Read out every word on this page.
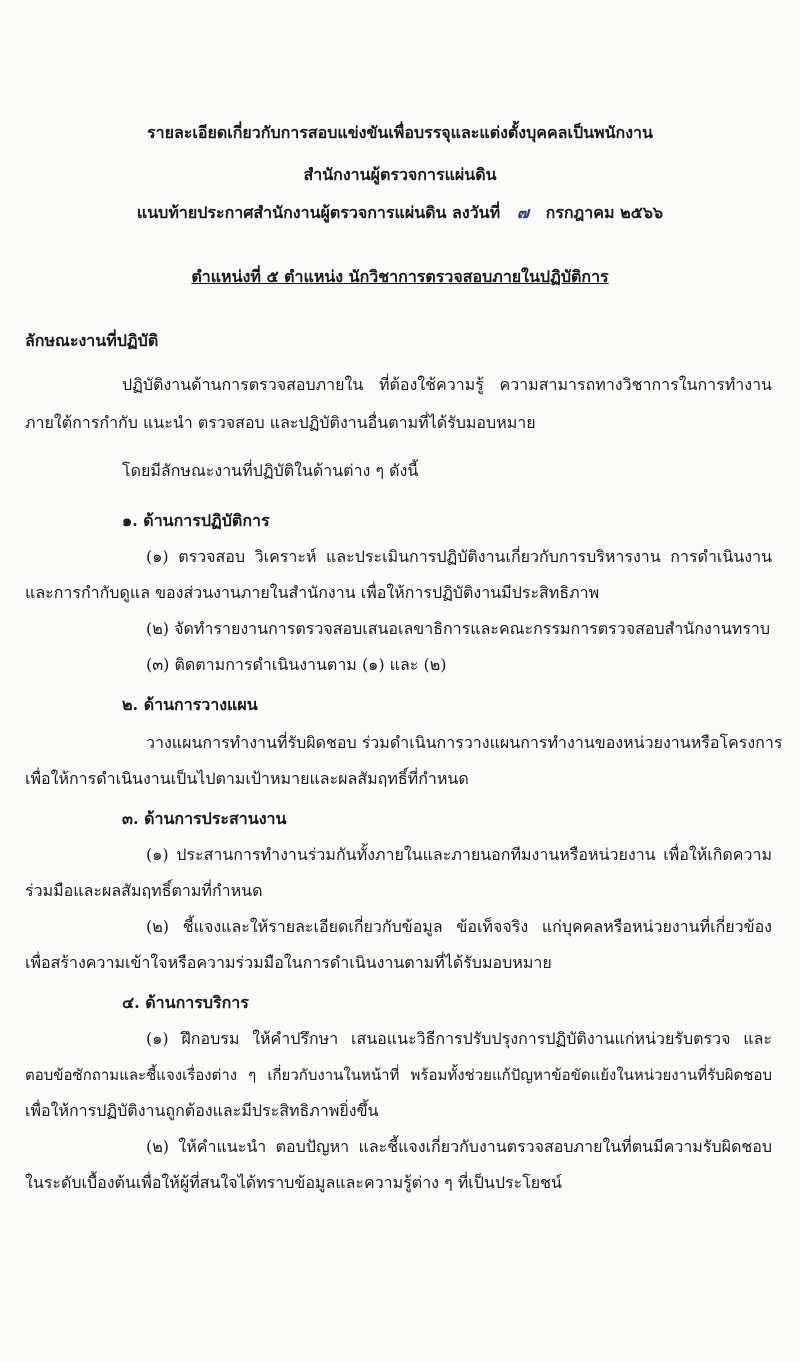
รายละเอียดเกี่ยวกับการสอบแข่งขันเพื่อบรรจุและแต่งตั้งบุคคลเป็นพนักงาน
สำนักงานผู้ตรวจการแผ่นดิน
แนบท้ายประกาศสำนักงานผู้ตรวจการแผ่นดิน ลงวันที่ ๗ กรกฎาคม ๒๕๖๖
ตำแหน่งที่ ๕ ตำแหน่ง นักวิชาการตรวจสอบภายในปฏิบัติการ
ลักษณะงานที่ปฏิบัติ
ปฏิบัติงานด้านการตรวจสอบภายใน ที่ต้องใช้ความรู้ ความสามารถทางวิชาการในการทำงาน
ภายใต้การกำกับ แนะนำ ตรวจสอบ และปฏิบัติงานอื่นตามที่ได้รับมอบหมาย
โดยมีลักษณะงานที่ปฏิบัติในด้านต่าง ๆ ดังนี้
๑. ด้านการปฏิบัติการ
(๑) ตรวจสอบ วิเคราะห์ และประเมินการปฏิบัติงานเกี่ยวกับการบริหารงาน การดำเนินงาน
และการกำกับดูแล ของส่วนงานภายในสำนักงาน เพื่อให้การปฏิบัติงานมีประสิทธิภาพ
(๒) จัดทำรายงานการตรวจสอบเสนอเลขาธิการและคณะกรรมการตรวจสอบสำนักงานทราบ
(๓) ติดตามการดำเนินงานตาม (๑) และ (๒)
๒. ด้านการวางแผน
วางแผนการทำงานที่รับผิดชอบ ร่วมดำเนินการวางแผนการทำงานของหน่วยงานหรือโครงการ
เพื่อให้การดำเนินงานเป็นไปตามเป้าหมายและผลสัมฤทธิ์ที่กำหนด
๓. ด้านการประสานงาน
(๑) ประสานการทำงานร่วมกันทั้งภายในและภายนอกทีมงานหรือหน่วยงาน เพื่อให้เกิดความ
ร่วมมือและผลสัมฤทธิ์ตามที่กำหนด
(๒) ชี้แจงและให้รายละเอียดเกี่ยวกับข้อมูล ข้อเท็จจริง แก่บุคคลหรือหน่วยงานที่เกี่ยวข้อง
เพื่อสร้างความเข้าใจหรือความร่วมมือในการดำเนินงานตามที่ได้รับมอบหมาย
๔. ด้านการบริการ
(๑) ฝึกอบรม ให้คำปรึกษา เสนอแนะวิธีการปรับปรุงการปฏิบัติงานแก่หน่วยรับตรวจ และ
ตอบข้อซักถามและชี้แจงเรื่องต่าง ๆ เกี่ยวกับงานในหน้าที่ พร้อมทั้งช่วยแก้ปัญหาข้อขัดแย้งในหน่วยงานที่รับผิดชอบ
เพื่อให้การปฏิบัติงานถูกต้องและมีประสิทธิภาพยิ่งขึ้น
(๒) ให้คำแนะนำ ตอบปัญหา และชี้แจงเกี่ยวกับงานตรวจสอบภายในที่ตนมีความรับผิดชอบ
ในระดับเบื้องต้นเพื่อให้ผู้ที่สนใจได้ทราบข้อมูลและความรู้ต่าง ๆ ที่เป็นประโยชน์
